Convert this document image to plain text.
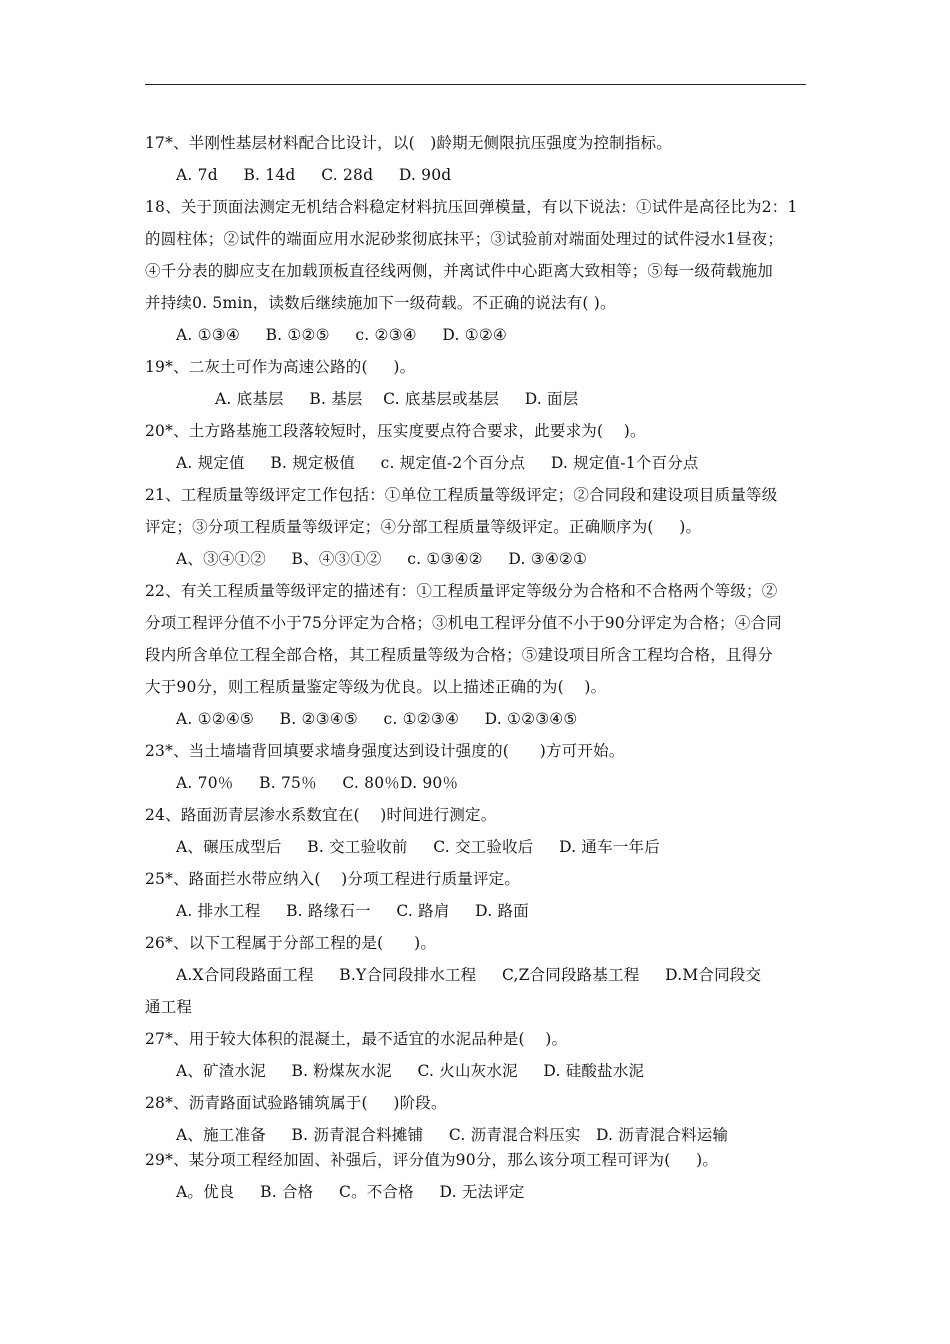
17*、半刚性基层材料配合比设计，以(   )龄期无侧限抗压强度为控制指标。
A. 7d     B. 14d     C. 28d     D. 90d
18、关于顶面法测定无机结合料稳定材料抗压回弹模量，有以下说法：①试件是高径比为2：1
的圆柱体；②试件的端面应用水泥砂浆彻底抹平；③试验前对端面处理过的试件浸水1昼夜；
④千分表的脚应支在加载顶板直径线两侧，并离试件中心距离大致相等；⑤每一级荷载施加
并持续0. 5min，读数后继续施加下一级荷载。不正确的说法有( )。
A. ①③④     B. ①②⑤     c. ②③④     D. ①②④
19*、二灰土可作为高速公路的(     )。
A. 底基层     B. 基层    C. 底基层或基层     D. 面层
20*、土方路基施工段落较短时，压实度要点符合要求，此要求为(    )。
A. 规定值     B. 规定极值     c. 规定值-2个百分点     D. 规定值-1个百分点
21、工程质量等级评定工作包括：①单位工程质量等级评定；②合同段和建设项目质量等级
评定；③分项工程质量等级评定；④分部工程质量等级评定。正确顺序为(     )。
A、③④①②     B、④③①②     c. ①③④②     D. ③④②①
22、有关工程质量等级评定的描述有：①工程质量评定等级分为合格和不合格两个等级；②
分项工程评分值不小于75分评定为合格；③机电工程评分值不小于90分评定为合格；④合同
段内所含单位工程全部合格，其工程质量等级为合格；⑤建设项目所含工程均合格，且得分
大于90分，则工程质量鉴定等级为优良。以上描述正确的为(    )。
A. ①②④⑤     B. ②③④⑤     c. ①②③④     D. ①②③④⑤
23*、当土墙墙背回填要求墙身强度达到设计强度的(      )方可开始。
A. 70％     B. 75％     C. 80％D. 90％
24、路面沥青层渗水系数宜在(    )时间进行测定。
A、碾压成型后     B. 交工验收前     C. 交工验收后     D. 通车一年后
25*、路面拦水带应纳入(    )分项工程进行质量评定。
A. 排水工程     B. 路缘石一     C. 路肩     D. 路面
26*、以下工程属于分部工程的是(      )。
A.X合同段路面工程     B.Y合同段排水工程     C,Z合同段路基工程     D.M合同段交
通工程
27*、用于较大体积的混凝土，最不适宜的水泥品种是(    )。
A、矿渣水泥     B. 粉煤灰水泥     C. 火山灰水泥     D. 硅酸盐水泥
28*、沥青路面试验路铺筑属于(     )阶段。
A、施工准备     B. 沥青混合料摊铺     C. 沥青混合料压实   D. 沥青混合料运输
29*、某分项工程经加固、补强后，评分值为90分，那么该分项工程可评为(     )。
A。优良     B. 合格     C。不合格     D. 无法评定
